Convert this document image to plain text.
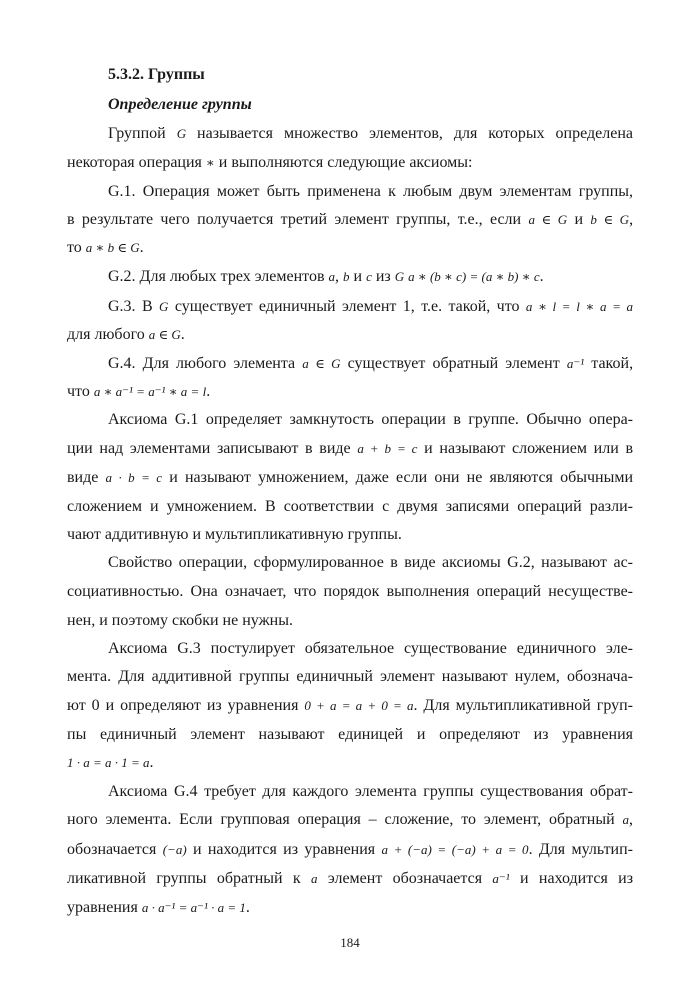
5.3.2. Группы
Определение группы

Группой G называется множество элементов, для которых определена

некоторая операция ∗ и выполняются следующие аксиомы:

G.1. Операция может быть применена к любым двум элементам группы,

в результате чего получается третий элемент группы, т.е., если a ∈ G и b ∈ G,

то a ∗ b ∈ G.

G.2. Для любых трех элементов a, b и c из G a ∗ (b ∗ c) = (a ∗ b) ∗ c.

G.3. В G существует единичный элемент 1, т.е. такой, что a ∗ l = l ∗ a = a

для любого a ∈ G.

G.4. Для любого элемента a ∈ G существует обратный элемент a⁻¹ такой,

что a ∗ a⁻¹ = a⁻¹ ∗ a = l.

Аксиома G.1 определяет замкнутость операции в группе. Обычно опера-

ции над элементами записывают в виде a + b = c и называют сложением или в

виде a · b = c и называют умножением, даже если они не являются обычными

сложением и умножением. В соответствии с двумя записями операций разли-

чают аддитивную и мультипликативную группы.

Свойство операции, сформулированное в виде аксиомы G.2, называют ас-

социативностью. Она означает, что порядок выполнения операций несуществе-

нен, и поэтому скобки не нужны.

Аксиома G.3 постулирует обязательное существование единичного эле-

мента. Для аддитивной группы единичный элемент называют нулем, обознача-

ют 0 и определяют из уравнения 0 + a = a + 0 = a. Для мультипликативной груп-

пы единичный элемент называют единицей и определяют из уравнения

1 · a = a · 1 = a.

Аксиома G.4 требует для каждого элемента группы существования обрат-

ного элемента. Если групповая операция – сложение, то элемент, обратный a,

обозначается (−a) и находится из уравнения a + (−a) = (−a) + a = 0. Для мультип-

ликативной группы обратный к a элемент обозначается a⁻¹ и находится из

уравнения a · a⁻¹ = a⁻¹ · a = 1.

184
